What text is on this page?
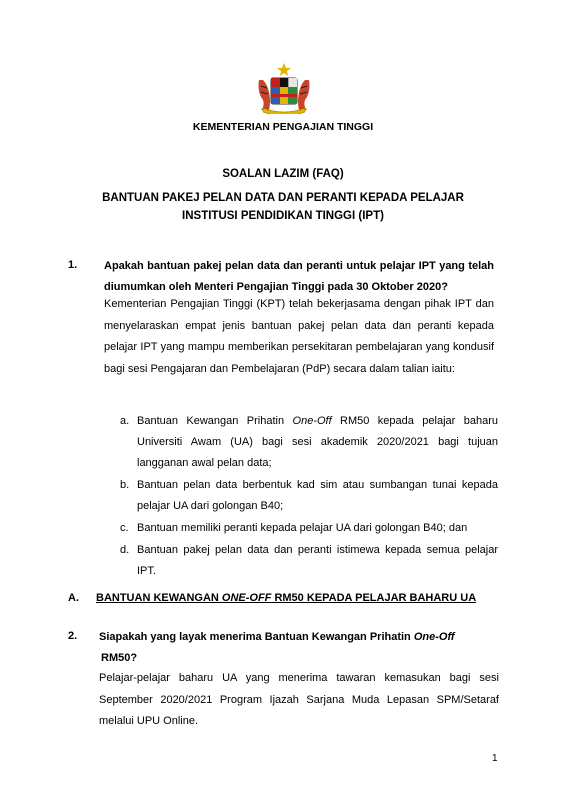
KEMENTERIAN PENGAJIAN TINGGI
SOALAN LAZIM (FAQ)
BANTUAN PAKEJ PELAN DATA DAN PERANTI KEPADA PELAJAR
INSTITUSI PENDIDIKAN TINGGI (IPT)
1. Apakah bantuan pakej pelan data dan peranti untuk pelajar IPT yang telah diumumkan oleh Menteri Pengajian Tinggi pada 30 Oktober 2020?
Kementerian Pengajian Tinggi (KPT) telah bekerjasama dengan pihak IPT dan menyelaraskan empat jenis bantuan pakej pelan data dan peranti kepada pelajar IPT yang mampu memberikan persekitaran pembelajaran yang kondusif bagi sesi Pengajaran dan Pembelajaran (PdP) secara dalam talian iaitu:
a. Bantuan Kewangan Prihatin One-Off RM50 kepada pelajar baharu Universiti Awam (UA) bagi sesi akademik 2020/2021 bagi tujuan langganan awal pelan data;
b. Bantuan pelan data berbentuk kad sim atau sumbangan tunai kepada pelajar UA dari golongan B40;
c. Bantuan memiliki peranti kepada pelajar UA dari golongan B40; dan
d. Bantuan pakej pelan data dan peranti istimewa kepada semua pelajar IPT.
A. BANTUAN KEWANGAN ONE-OFF RM50 KEPADA PELAJAR BAHARU UA
2. Siapakah yang layak menerima Bantuan Kewangan Prihatin One-Off
RM50?
Pelajar-pelajar baharu UA yang menerima tawaran kemasukan bagi sesi September 2020/2021 Program Ijazah Sarjana Muda Lepasan SPM/Setaraf melalui UPU Online.
1
